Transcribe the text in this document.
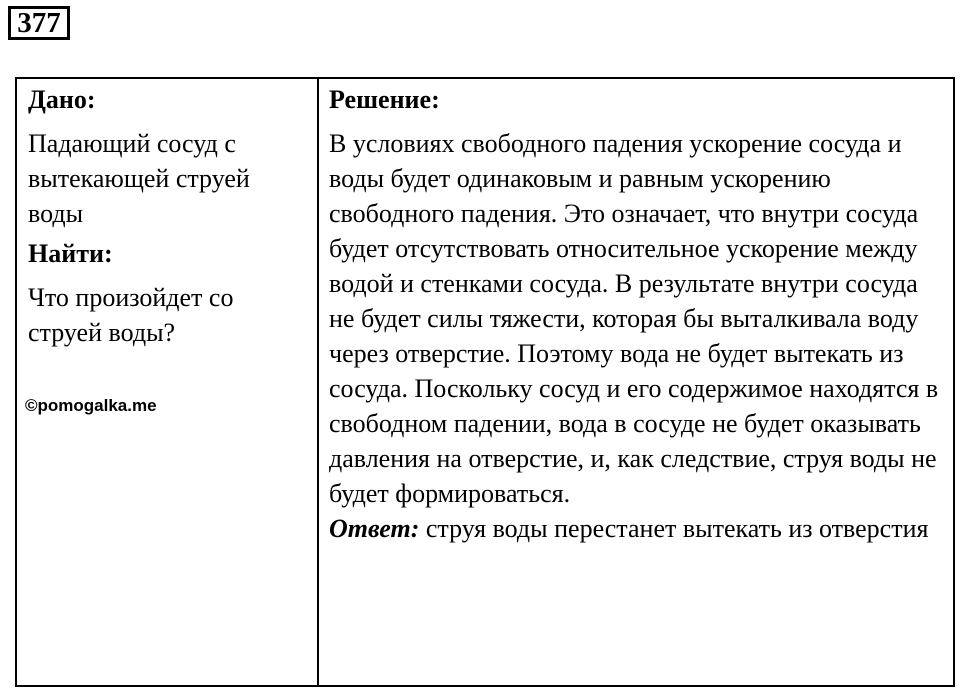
377
Дано:
Падающий сосуд с вытекающей струей воды
Найти:
Что произойдет со струей воды?
©pomogalka.me
Решение:
В условиях свободного падения ускорение сосуда и воды будет одинаковым и равным ускорению свободного падения. Это означает, что внутри сосуда будет отсутствовать относительное ускорение между водой и стенками сосуда. В результате внутри сосуда не будет силы тяжести, которая бы выталкивала воду через отверстие. Поэтому вода не будет вытекать из сосуда. Поскольку сосуд и его содержимое находятся в свободном падении, вода в сосуде не будет оказывать давления на отверстие, и, как следствие, струя воды не будет формироваться.
Ответ: струя воды перестанет вытекать из отверстия
